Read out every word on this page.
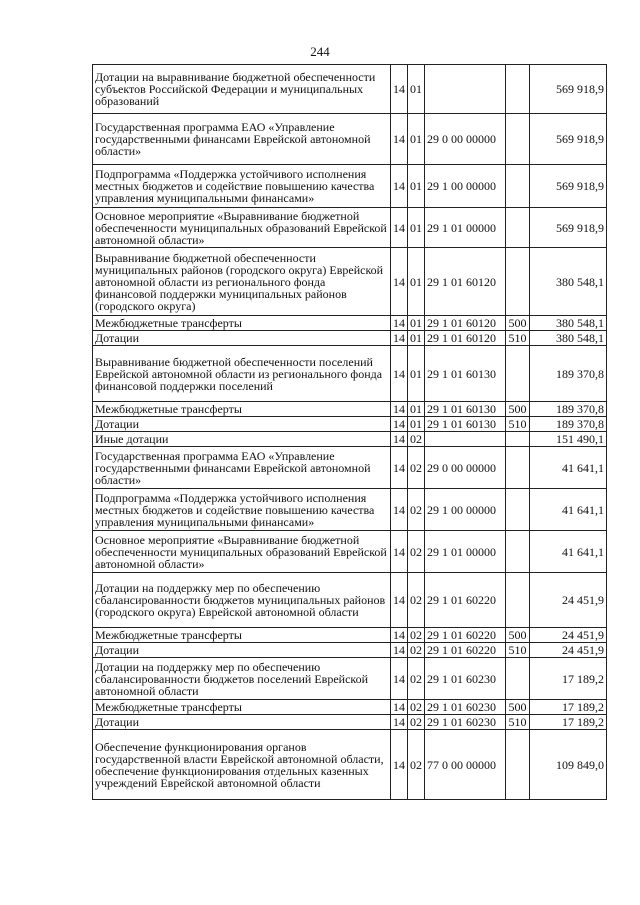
244
Дотации на выравнивание бюджетной обеспеченности субъектов Российской Федерации и муниципальных образований	14	01			569 918,9
Государственная программа ЕАО «Управление государственными финансами Еврейской автономной области»	14	01	29 0 00 00000		569 918,9
Подпрограмма «Поддержка устойчивого исполнения местных бюджетов и содействие повышению качества управления муниципальными финансами»	14	01	29 1 00 00000		569 918,9
Основное мероприятие «Выравнивание бюджетной обеспеченности муниципальных образований Еврейской автономной области»	14	01	29 1 01 00000		569 918,9
Выравнивание бюджетной обеспеченности муниципальных районов (городского округа) Еврейской автономной области из регионального фонда финансовой поддержки муниципальных районов (городского округа)	14	01	29 1 01 60120		380 548,1
Межбюджетные трансферты	14	01	29 1 01 60120	500	380 548,1
Дотации	14	01	29 1 01 60120	510	380 548,1
Выравнивание бюджетной обеспеченности поселений Еврейской автономной области из регионального фонда финансовой поддержки поселений	14	01	29 1 01 60130		189 370,8
Межбюджетные трансферты	14	01	29 1 01 60130	500	189 370,8
Дотации	14	01	29 1 01 60130	510	189 370,8
Иные дотации	14	02			151 490,1
Государственная программа ЕАО «Управление государственными финансами Еврейской автономной области»	14	02	29 0 00 00000		41 641,1
Подпрограмма «Поддержка устойчивого исполнения местных бюджетов и содействие повышению качества управления муниципальными финансами»	14	02	29 1 00 00000		41 641,1
Основное мероприятие «Выравнивание бюджетной обеспеченности муниципальных образований Еврейской автономной области»	14	02	29 1 01 00000		41 641,1
Дотации на поддержку мер по обеспечению сбалансированности бюджетов муниципальных районов (городского округа) Еврейской автономной области	14	02	29 1 01 60220		24 451,9
Межбюджетные трансферты	14	02	29 1 01 60220	500	24 451,9
Дотации	14	02	29 1 01 60220	510	24 451,9
Дотации на поддержку мер по обеспечению сбалансированности бюджетов поселений Еврейской автономной области	14	02	29 1 01 60230		17 189,2
Межбюджетные трансферты	14	02	29 1 01 60230	500	17 189,2
Дотации	14	02	29 1 01 60230	510	17 189,2
Обеспечение функционирования органов государственной власти Еврейской автономной области, обеспечение функционирования отдельных казенных учреждений Еврейской автономной области	14	02	77 0 00 00000		109 849,0
